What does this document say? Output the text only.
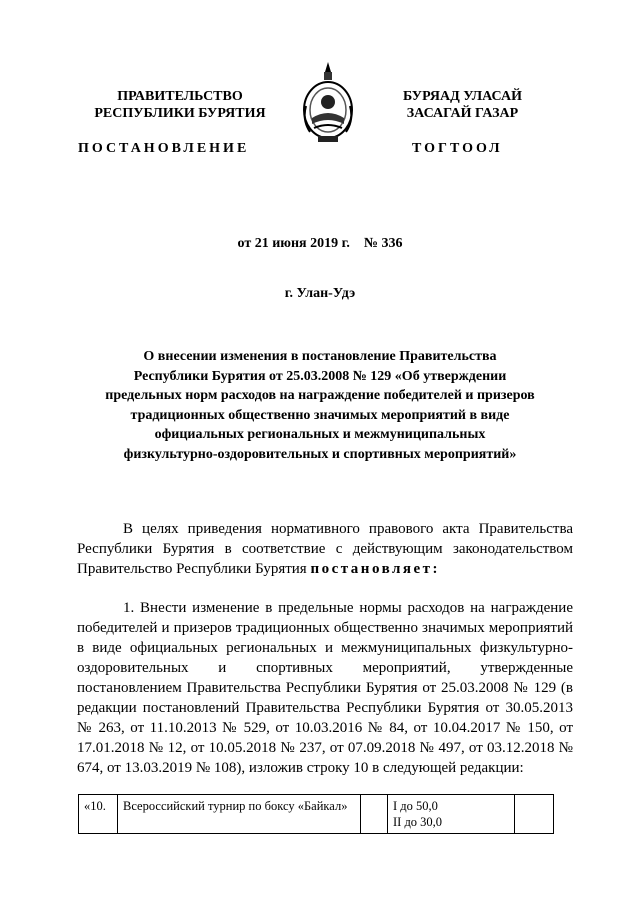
ПРАВИТЕЛЬСТВО
РЕСПУБЛИКИ БУРЯТИЯ
БУРЯАД УЛАСАЙ
ЗАСАГАЙ ГАЗАР
ПОСТАНОВЛЕНИЕ	ТОГТООЛ
от 21 июня 2019 г.    № 336
г. Улан-Удэ
О внесении изменения в постановление Правительства
Республики Бурятия от 25.03.2008 № 129 «Об утверждении
предельных норм расходов на награждение победителей и призеров
традиционных общественно значимых мероприятий в виде
официальных региональных и межмуниципальных
физкультурно-оздоровительных и спортивных мероприятий»
В целях приведения нормативного правового акта Правительства Республики Бурятия в соответствие с действующим законодательством Правительство Республики Бурятия постановляет:
1. Внести изменение в предельные нормы расходов на награждение победителей и призеров традиционных общественно значимых мероприятий в виде официальных региональных и межмуниципальных физкультурно-оздоровительных и спортивных мероприятий, утвержденные постановлением Правительства Республики Бурятия от 25.03.2008 № 129 (в редакции постановлений Правительства Республики Бурятия от 30.05.2013 № 263, от 11.10.2013 № 529, от 10.03.2016 № 84, от 10.04.2017 № 150, от 17.01.2018 № 12, от 10.05.2018 № 237, от 07.09.2018 № 497, от 03.12.2018 № 674, от 13.03.2019 № 108), изложив строку 10 в следующей редакции:
«10.	Всероссийский турнир по боксу «Байкал»		I до 50,0
II до 30,0
